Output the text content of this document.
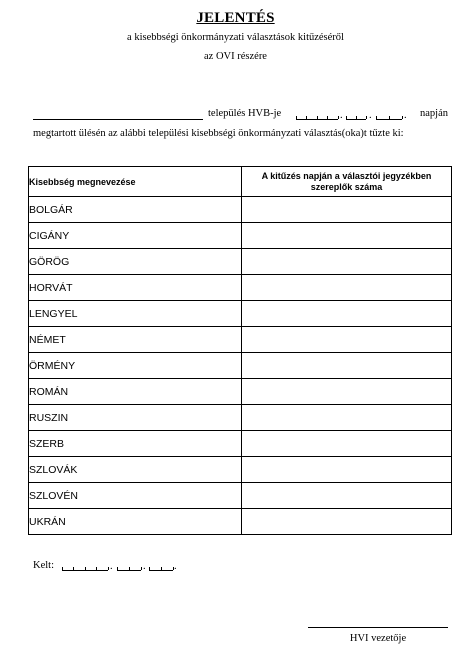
JELENTÉS
a kisebbségi önkormányzati választások kitűzéséről
az OVI részére
település HVB-je	.	.	. napján
megtartott ülésén az alábbi települési kisebbségi önkormányzati választás(oka)t tűzte ki:
Kisebbség megnevezése	A kitűzés napján a választói jegyzékben
szereplők száma

BOLGÁR	
CIGÁNY	
GÖRÖG	
HORVÁT	
LENGYEL	
NÉMET	
ÖRMÉNY	
ROMÁN	
RUSZIN	
SZERB	
SZLOVÁK	
SZLOVÉN	
UKRÁN	
Kelt:	.	.	.
HVI vezetője
